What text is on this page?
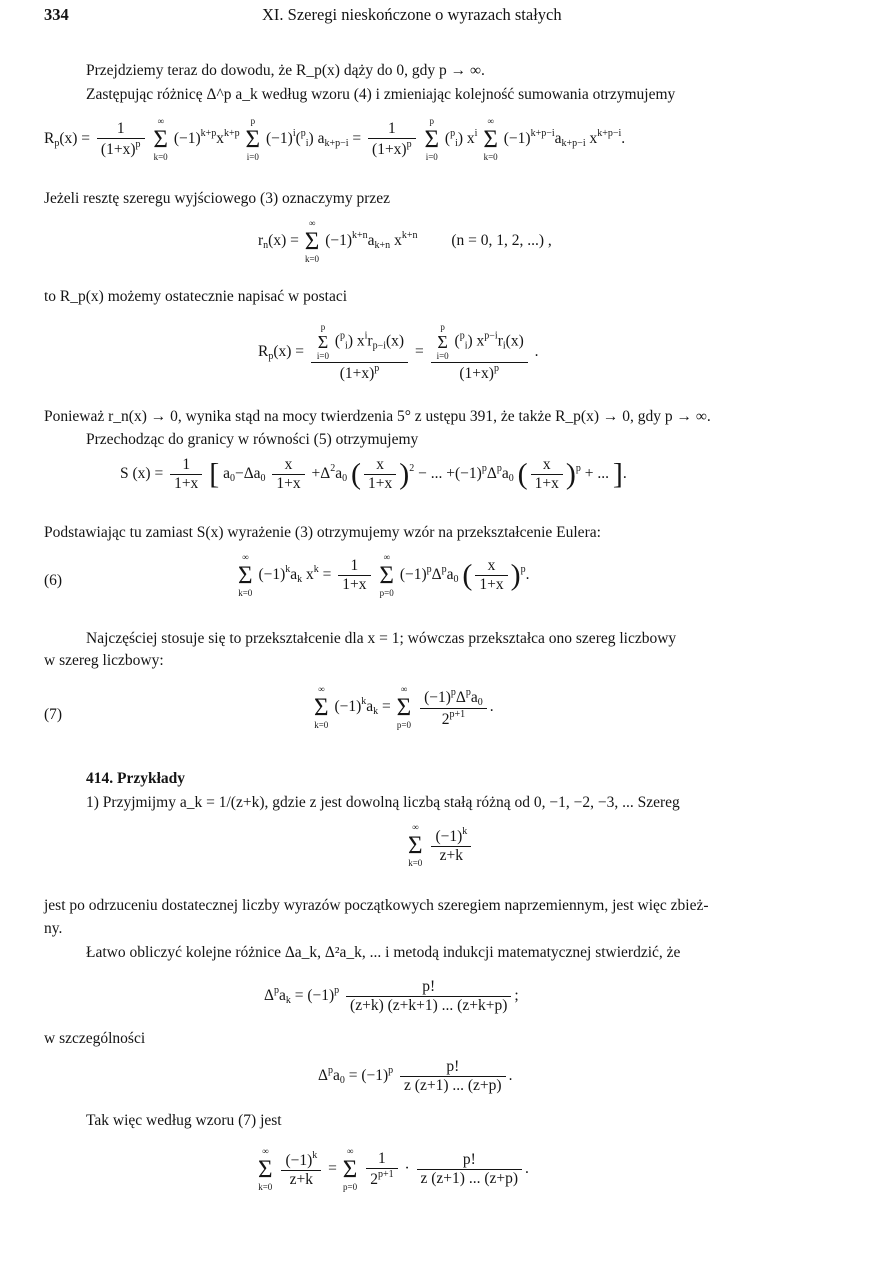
334	XI. Szeregi nieskończone o wyrazach stałych
Przejdziemy teraz do dowodu, że R_p(x) dąży do 0, gdy p → ∞.
Zastępując różnicę Δ^p a_k według wzoru (4) i zmieniając kolejność sumowania otrzymujemy
$Rp(x) = \frac{1}{(1+x)^p}$
	∞
Σ
k=0
$(-1)^{k+p}x^{k+p}$
p
Σ
i=0
$(-1)^i(^pi) ak+p-i = \frac{1}{(1+x)^p}$
	p
Σ
i=0
($^p$i) $x^i$
∞
Σ
k=0
$(-1)^{k+p-i}ak+p-i$ $x^{k+p-i}$.
Jeżeli resztę szeregu wyjściowego (3) oznaczymy przez
rn(x) =
∞
Σ
k=0
$(-1)^{k+n}ak+n$ $x^{k+n}$ (n = 0, 1, 2, ...) ,
to R_p(x) możemy ostatecznie napisać w postaci
Rp(x) = p
Σ
i=0
($^p$i) $x^irp-i(x)$
$(1+x)^p = p$
Σ
i=0
($^p$i) $x^{p-i}ri(x)$
$(1+x)^p$ .
Ponieważ r_n(x) → 0, wynika stąd na mocy twierdzenia 5° z ustępu 391, że także R_p(x) → 0, gdy p → ∞.
Przechodząc do granicy w równości (5) otrzymujemy
S $(x) = \frac{1}{1+x}$ [ $a0-\Delta a0 \frac{x}{1+x} +\Delta^2a0$ ( $\frac{x}{1+x} )^2$ − ... $+(-1)^p\Delta^pa0$ ( $\frac{x}{1+x} )^p$ + ... ].
Podstawiając tu zamiast S(x) wyrażenie (3) otrzymujemy wzór na przekształcenie Eulera:
(6)
∞
Σ
k=0
$(-1)^kak$ $x^k = \frac{1}{1+x}$
	∞
Σ
p=0
$(-1)^p\Delta^pa0$ ( $\frac{x}{1+x} )^p$.
Najczęściej stosuje się to przekształcenie dla x = 1; wówczas przekształca ono szereg liczbowy
w szereg liczbowy:
(7)
∞
Σ
k=0
$(-1)^kak$ =
∞
Σ
p=0
$\frac{(-1)^p\Delta^pa0}{2^{p+1}}$ .
414. Przykłady
1) Przyjmijmy a_k = 1/(z+k), gdzie z jest dowolną liczbą stałą różną od 0, −1, −2, −3, ... Szereg
∞
Σ
k=0
$\frac{(-1)^k}{z+k}$
jest po odrzuceniu dostatecznej liczby wyrazów początkowych szeregiem naprzemiennym, jest więc zbież-
ny.
Łatwo obliczyć kolejne różnice Δa_k, Δ²a_k, ... i metodą indukcji matematycznej stwierdzić, że
$\Delta^pak = (-1)^p \frac{p!}{(z+k) (z+k+1) ... (z+k+p)}$ ;
w szczególności
$\Delta^pa0 = (-1)^p \frac{p!}{z (z+1) ... (z+p)}$ .
Tak więc według wzoru (7) jest
∞
Σ
k=0
$\frac{(-1)^k}{z+k}$ =
∞
Σ
p=0
$\frac{1}{2^{p+1}} \cdot \frac{p!}{z (z+1) ... (z+p)}$ .
